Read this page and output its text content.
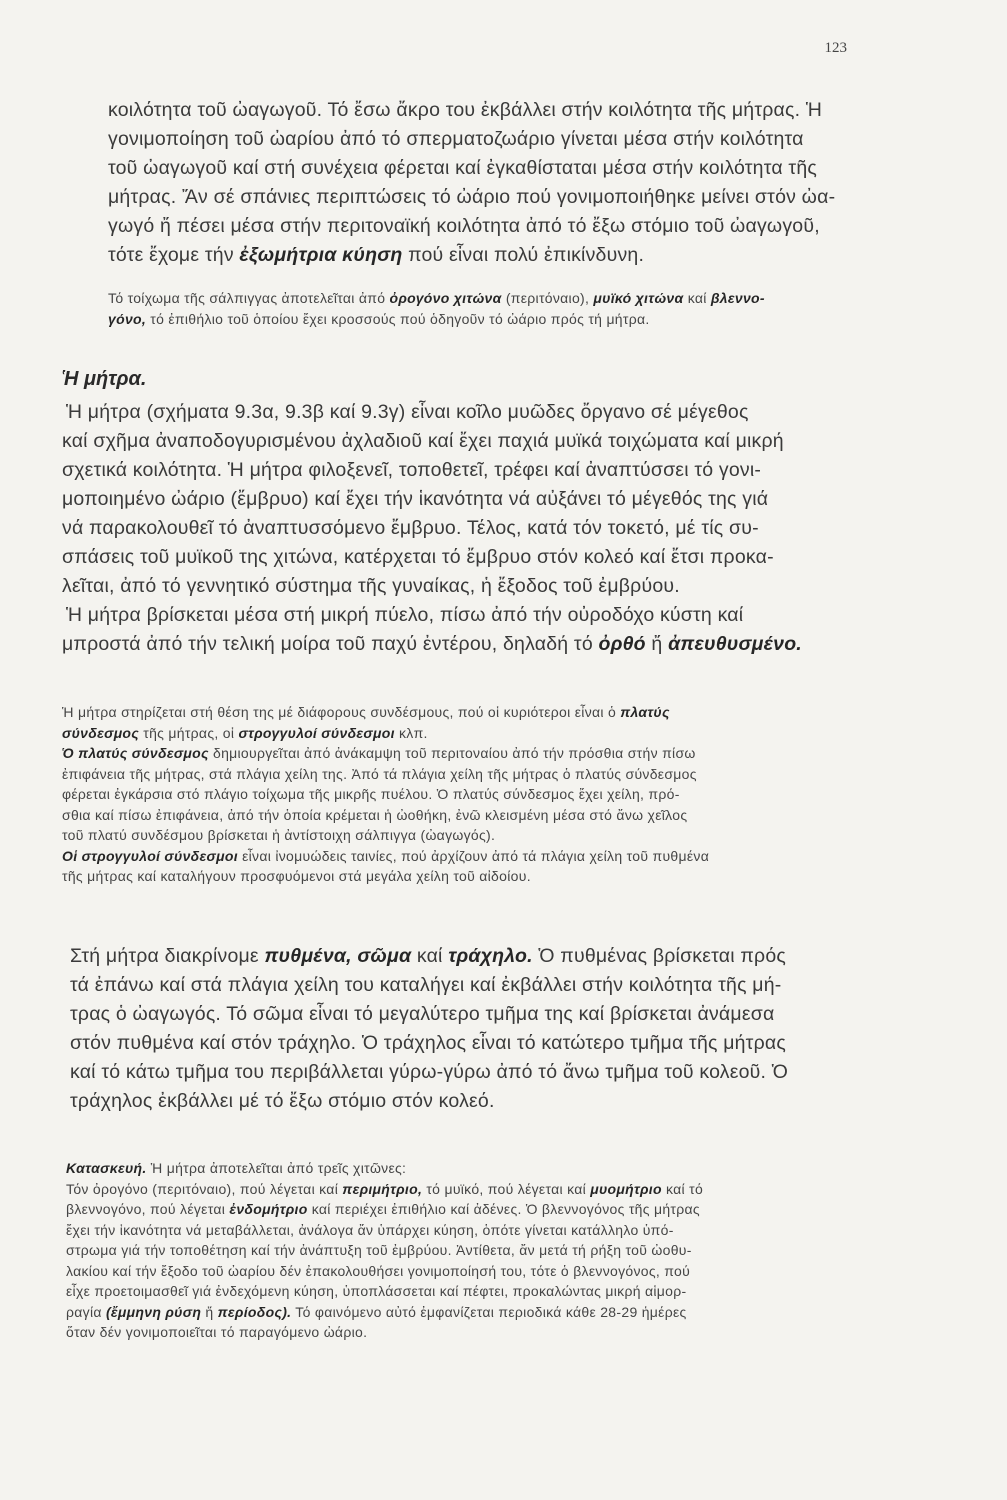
123
κοιλότητα τοῦ ὠαγωγοῦ. Τό ἔσω ἄκρο του ἐκβάλλει στήν κοιλότητα τῆς μήτρας. Ἡ
γονιμοποίηση τοῦ ὠαρίου ἀπό τό σπερματοζωάριο γίνεται μέσα στήν κοιλότητα
τοῦ ὠαγωγοῦ καί στή συνέχεια φέρεται καί ἐγκαθίσταται μέσα στήν κοιλότητα τῆς
μήτρας. Ἄν σέ σπάνιες περιπτώσεις τό ὠάριο πού γονιμοποιήθηκε μείνει στόν ὠα-
γωγό ἤ πέσει μέσα στήν περιτοναϊκή κοιλότητα ἀπό τό ἔξω στόμιο τοῦ ὠαγωγοῦ,
τότε ἔχομε τήν ἐξωμήτρια κύηση πού εἶναι πολύ ἐπικίνδυνη.
Τό τοίχωμα τῆς σάλπιγγας ἀποτελεῖται ἀπό ὀρογόνο χιτώνα (περιτόναιο), μυϊκό χιτώνα καί βλεννο-
γόνο, τό ἐπιθήλιο τοῦ ὁποίου ἔχει κροσσούς πού ὁδηγοῦν τό ὠάριο πρός τή μήτρα.
Ἡ μήτρα.
Ἡ μήτρα (σχήματα 9.3α, 9.3β καί 9.3γ) εἶναι κοῖλο μυῶδες ὄργανο σέ μέγεθος
καί σχῆμα ἀναποδογυρισμένου ἀχλαδιοῦ καί ἔχει παχιά μυϊκά τοιχώματα καί μικρή
σχετικά κοιλότητα. Ἡ μήτρα φιλοξενεῖ, τοποθετεῖ, τρέφει καί ἀναπτύσσει τό γονι-
μοποιημένο ὠάριο (ἔμβρυο) καί ἔχει τήν ἱκανότητα νά αὐξάνει τό μέγεθός της γιά
νά παρακολουθεῖ τό ἀναπτυσσόμενο ἔμβρυο. Τέλος, κατά τόν τοκετό, μέ τίς συ-
σπάσεις τοῦ μυϊκοῦ της χιτώνα, κατέρχεται τό ἔμβρυο στόν κολεό καί ἔτσι προκα-
λεῖται, ἀπό τό γεννητικό σύστημα τῆς γυναίκας, ἡ ἔξοδος τοῦ ἐμβρύου.
Ἡ μήτρα βρίσκεται μέσα στή μικρή πύελο, πίσω ἀπό τήν οὐροδόχο κύστη καί
μπροστά ἀπό τήν τελική μοίρα τοῦ παχύ ἐντέρου, δηλαδή τό ὀρθό ἤ ἀπευθυσμένο.
Ἡ μήτρα στηρίζεται στή θέση της μέ διάφορους συνδέσμους, πού οἱ κυριότεροι εἶναι ὁ πλατύς
σύνδεσμος τῆς μήτρας, οἱ στρογγυλοί σύνδεσμοι κλπ.
Ὁ πλατύς σύνδεσμος δημιουργεῖται ἀπό ἀνάκαμψη τοῦ περιτοναίου ἀπό τήν πρόσθια στήν πίσω
ἐπιφάνεια τῆς μήτρας, στά πλάγια χείλη της. Ἀπό τά πλάγια χείλη τῆς μήτρας ὁ πλατύς σύνδεσμος
φέρεται ἐγκάρσια στό πλάγιο τοίχωμα τῆς μικρῆς πυέλου. Ὁ πλατύς σύνδεσμος ἔχει χείλη, πρό-
σθια καί πίσω ἐπιφάνεια, ἀπό τήν ὁποία κρέμεται ἡ ὠοθήκη, ἐνῶ κλεισμένη μέσα στό ἄνω χεῖλος
τοῦ πλατύ συνδέσμου βρίσκεται ἡ ἀντίστοιχη σάλπιγγα (ὠαγωγός).
Οἱ στρογγυλοί σύνδεσμοι εἶναι ἰνομυώδεις ταινίες, πού ἀρχίζουν ἀπό τά πλάγια χείλη τοῦ πυθμένα
τῆς μήτρας καί καταλήγουν προσφυόμενοι στά μεγάλα χείλη τοῦ αἰδοίου.
Στή μήτρα διακρίνομε πυθμένα, σῶμα καί τράχηλο. Ὁ πυθμένας βρίσκεται πρός
τά ἐπάνω καί στά πλάγια χείλη του καταλήγει καί ἐκβάλλει στήν κοιλότητα τῆς μή-
τρας ὁ ὠαγωγός. Τό σῶμα εἶναι τό μεγαλύτερο τμῆμα της καί βρίσκεται ἀνάμεσα
στόν πυθμένα καί στόν τράχηλο. Ὁ τράχηλος εἶναι τό κατώτερο τμῆμα τῆς μήτρας
καί τό κάτω τμῆμα του περιβάλλεται γύρω-γύρω ἀπό τό ἄνω τμῆμα τοῦ κολεοῦ. Ὁ
τράχηλος ἐκβάλλει μέ τό ἔξω στόμιο στόν κολεό.
Κατασκευή. Ἡ μήτρα ἀποτελεῖται ἀπό τρεῖς χιτῶνες:
Τόν ὀρογόνο (περιτόναιο), πού λέγεται καί περιμήτριο, τό μυϊκό, πού λέγεται καί μυομήτριο καί τό
βλεννογόνο, πού λέγεται ἐνδομήτριο καί περιέχει ἐπιθήλιο καί ἀδένες. Ὁ βλεννογόνος τῆς μήτρας
ἔχει τήν ἱκανότητα νά μεταβάλλεται, ἀνάλογα ἄν ὑπάρχει κύηση, ὁπότε γίνεται κατάλληλο ὑπό-
στρωμα γιά τήν τοποθέτηση καί τήν ἀνάπτυξη τοῦ ἐμβρύου. Ἀντίθετα, ἄν μετά τή ρήξη τοῦ ὠοθυ-
λακίου καί τήν ἔξοδο τοῦ ὠαρίου δέν ἐπακολουθήσει γονιμοποίησή του, τότε ὁ βλεννογόνος, πού
εἶχε προετοιμασθεῖ γιά ἐνδεχόμενη κύηση, ὑποπλάσσεται καί πέφτει, προκαλώντας μικρή αἱμορ-
ραγία (ἔμμηνη ρύση ἤ περίοδος). Τό φαινόμενο αὐτό ἐμφανίζεται περιοδικά κάθε 28-29 ἡμέρες
ὅταν δέν γονιμοποιεῖται τό παραγόμενο ὠάριο.
